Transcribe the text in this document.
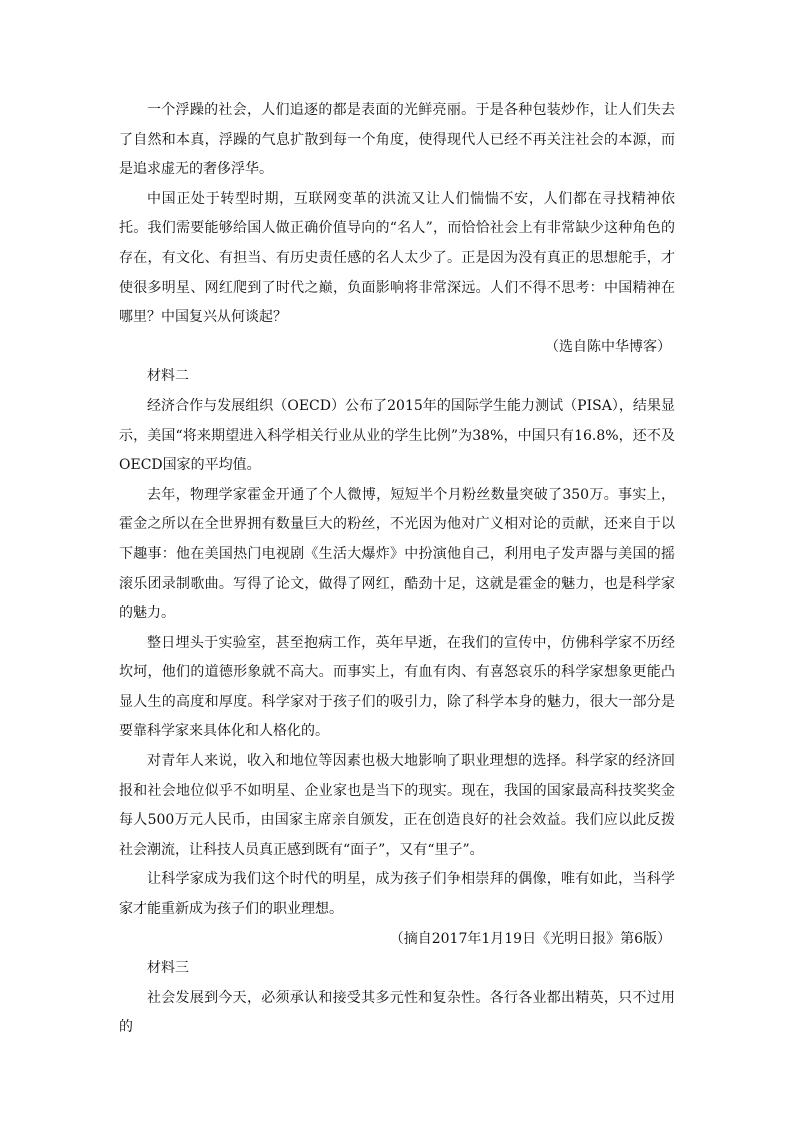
一个浮躁的社会，人们追逐的都是表面的光鲜亮丽。于是各种包装炒作，让人们失去了自然和本真，浮躁的气息扩散到每一个角度，使得现代人已经不再关注社会的本源，而是追求虚无的奢侈浮华。

中国正处于转型时期，互联网变革的洪流又让人们惴惴不安，人们都在寻找精神依托。我们需要能够给国人做正确价值导向的“名人”，而恰恰社会上有非常缺少这种角色的存在，有文化、有担当、有历史责任感的名人太少了。正是因为没有真正的思想舵手，才使很多明星、网红爬到了时代之巅，负面影响将非常深远。人们不得不思考：中国精神在哪里？中国复兴从何谈起？

（选自陈中华博客）

材料二

经济合作与发展组织（OECD）公布了2015年的国际学生能力测试（PISA），结果显示，美国“将来期望进入科学相关行业从业的学生比例”为38%，中国只有16.8%，还不及OECD国家的平均值。

去年，物理学家霍金开通了个人微博，短短半个月粉丝数量突破了350万。事实上，霍金之所以在全世界拥有数量巨大的粉丝，不光因为他对广义相对论的贡献，还来自于以下趣事：他在美国热门电视剧《生活大爆炸》中扮演他自己，利用电子发声器与美国的摇滚乐团录制歌曲。写得了论文，做得了网红，酷劲十足，这就是霍金的魅力，也是科学家的魅力。

整日埋头于实验室，甚至抱病工作，英年早逝，在我们的宣传中，仿佛科学家不历经坎坷，他们的道德形象就不高大。而事实上，有血有肉、有喜怒哀乐的科学家想象更能凸显人生的高度和厚度。科学家对于孩子们的吸引力，除了科学本身的魅力，很大一部分是要靠科学家来具体化和人格化的。

对青年人来说，收入和地位等因素也极大地影响了职业理想的选择。科学家的经济回报和社会地位似乎不如明星、企业家也是当下的现实。现在，我国的国家最高科技奖奖金每人500万元人民币，由国家主席亲自颁发，正在创造良好的社会效益。我们应以此反拨社会潮流，让科技人员真正感到既有“面子”，又有“里子”。

让科学家成为我们这个时代的明星，成为孩子们争相崇拜的偶像，唯有如此，当科学家才能重新成为孩子们的职业理想。

（摘自2017年1月19日《光明日报》第6版）

材料三

社会发展到今天，必须承认和接受其多元性和复杂性。各行各业都出精英，只不过用的
